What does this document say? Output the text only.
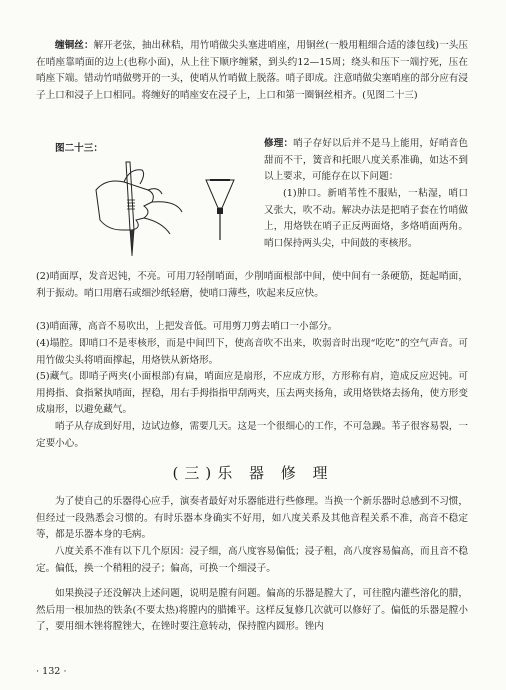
缠铜丝：解开老弦，抽出秫秸，用竹哨做尖头塞进哨座，用铜丝(一般用粗细合适的漆包线)一头压在哨座靠哨面的边上(也称小面)，从上往下顺序缠紧，到头约12—15周；绕头和压下一端拧死，压在哨座下端。错动竹哨做劈开的一头，使哨从竹哨做上脱落。哨子即成。注意哨做尖塞哨座的部分应有浸子上口和浸子上口相同。将缠好的哨座安在浸子上，上口和第一圈铜丝相齐。(见图二十三)

图二十三：	修理：哨子存好以后并不是马上能用，好哨音色甜而不干，簧音和托眼八度关系准确，如达不到以上要求，可能存在以下问题：

(1)肿口。新哨苇性不服贴，一粘湿，哨口又张大，吹不动。解决办法是把哨子套在竹哨做上，用烙铁在哨子正反两面烙，多烙哨面两角。哨口保持两头尖，中间鼓的枣核形。

(2)哨面厚，发音迟钝，不亮。可用刀轻削哨面，少削哨面根部中间，使中间有一条硬筋，挺起哨面，利于振动。哨口用磨石或细沙纸轻磨，使哨口薄些，吹起来反应快。

(3)哨面薄，高音不易吹出，上把发音低。可用剪刀剪去哨口一小部分。

(4)塌腔。即哨口不是枣核形，而是中间凹下，使高音吹不出来，吹弱音时出现“吃吃”的空气声音。可用竹做尖头将哨面撑起，用烙铁从新烙形。

(5)藏气。即哨子两夹(小面根部)有扁，哨面应是扇形，不应成方形，方形称有肩，造成反应迟钝。可用拇指、食指紧执哨面，捏稳，用右手拇指指甲刮两夹，压去两夹扬角，或用烙铁烙去扬角，使方形变成扇形，以避免藏气。

哨子从存成到好用，边试边修，需要几天。这是一个很细心的工作，不可急躁。苇子很容易裂，一定要小心。

(三)乐 器 修 理

为了使自己的乐器得心应手，演奏者最好对乐器能进行些修理。当换一个新乐器时总感到不习惯，但经过一段熟悉会习惯的。有时乐器本身确实不好用，如八度关系及其他音程关系不准，高音不稳定等，都是乐器本身的毛病。

八度关系不准有以下几个原因：浸子细，高八度容易偏低；浸子粗，高八度容易偏高，而且音不稳定。偏低，换一个稍粗的浸子；偏高，可换一个细浸子。

如果换浸子还没解决上述问题，说明是膛有问题。偏高的乐器是膛大了，可往膛内灌些溶化的腊，然后用一根加热的铁条(不要太热)将膛内的腊摊平。这样反复修几次就可以修好了。偏低的乐器是膛小了，要用细木锉将膛锉大，在锉时要注意转动，保持膛内圆形。锉内

· 132 ·
